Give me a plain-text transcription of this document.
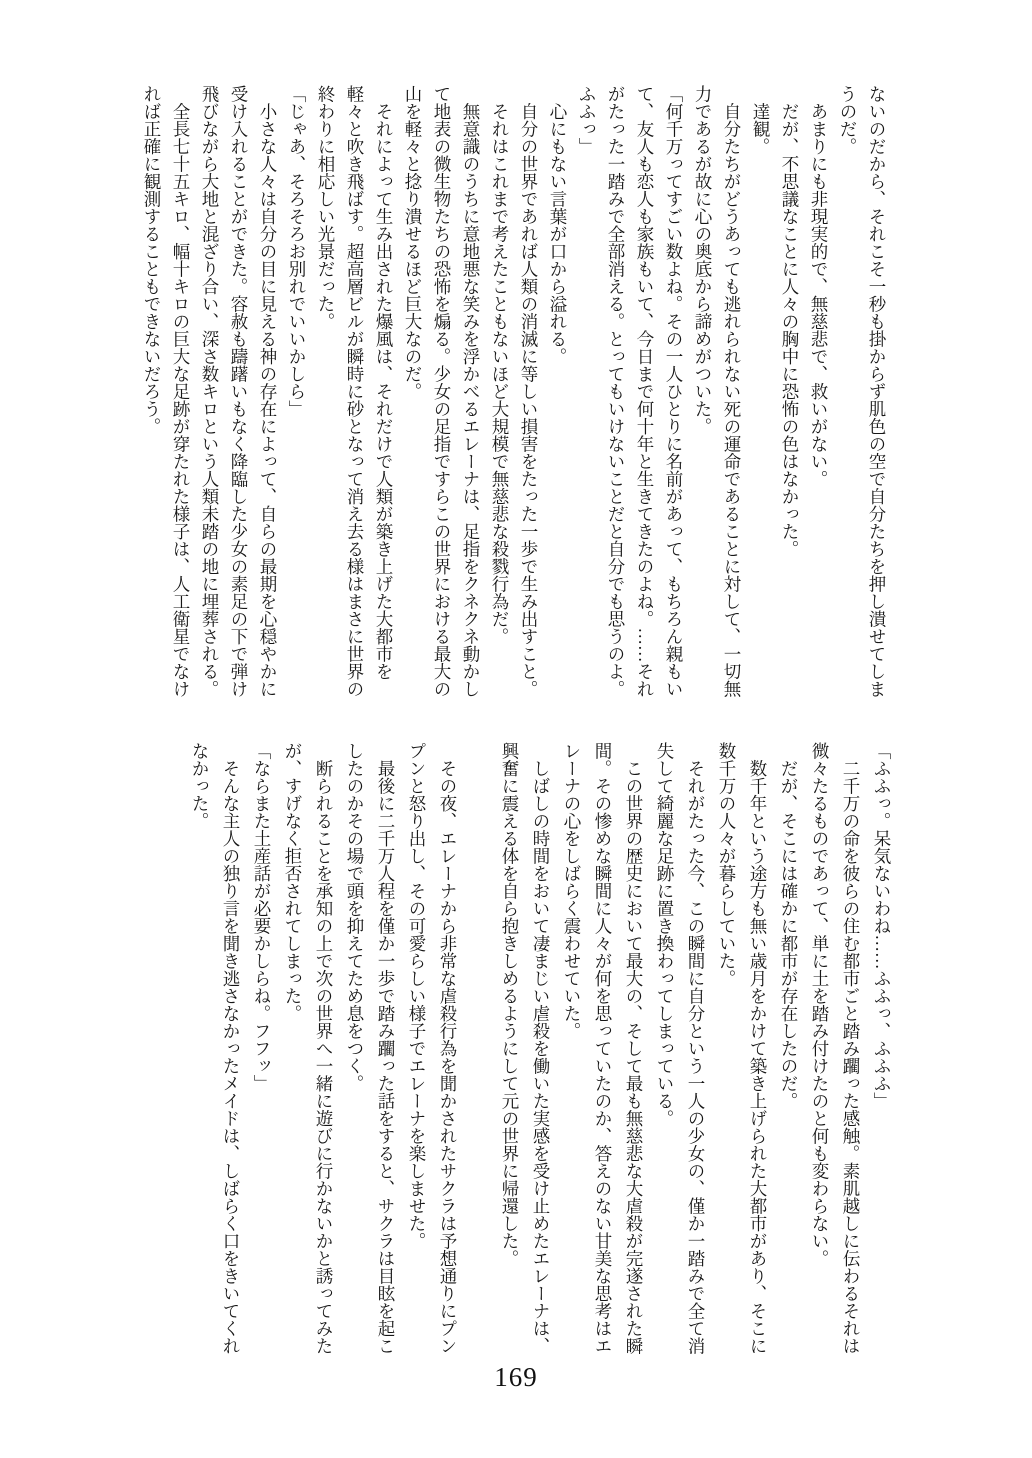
ないのだから、それこそ一秒も掛からず肌色の空で自分たちを押し潰せてしま

うのだ。

　あまりにも非現実的で、無慈悲で、救いがない。

　だが、不思議なことに人々の胸中に恐怖の色はなかった。

　達観。

　自分たちがどうあっても逃れられない死の運命であることに対して、一切無

力であるが故に心の奥底から諦めがついた。

「何千万ってすごい数よね。その一人ひとりに名前があって、もちろん親もい

て、友人も恋人も家族もいて、今日まで何十年と生きてきたのよね。……それ

がたった一踏みで全部消える。とってもいけないことだと自分でも思うのよ。

ふふっ」

　心にもない言葉が口から溢れる。

　自分の世界であれば人類の消滅に等しい損害をたった一歩で生み出すこと。

　それはこれまで考えたこともないほど大規模で無慈悲な殺戮行為だ。

　無意識のうちに意地悪な笑みを浮かべるエレーナは、足指をクネクネ動かし

て地表の微生物たちの恐怖を煽る。少女の足指ですらこの世界における最大の

山を軽々と捻り潰せるほど巨大なのだ。

　それによって生み出された爆風は、それだけで人類が築き上げた大都市を

軽々と吹き飛ばす。超高層ビルが瞬時に砂となって消え去る様はまさに世界の

終わりに相応しい光景だった。

「じゃあ、そろそろお別れでいいかしら」

　小さな人々は自分の目に見える神の存在によって、自らの最期を心穏やかに

受け入れることができた。容赦も躊躇いもなく降臨した少女の素足の下で弾け

飛びながら大地と混ざり合い、深さ数キロという人類未踏の地に埋葬される。

　全長七十五キロ、幅十キロの巨大な足跡が穿たれた様子は、人工衛星でなけ

れば正確に観測することもできないだろう。

「ふふっ。呆気ないわね……ふふっ、ふふふ」

　二千万の命を彼らの住む都市ごと踏み躙った感触。素肌越しに伝わるそれは

微々たるものであって、単に土を踏み付けたのと何も変わらない。

　だが、そこには確かに都市が存在したのだ。

　数千年という途方も無い歳月をかけて築き上げられた大都市があり、そこに

数千万の人々が暮らしていた。

　それがたった今、この瞬間に自分という一人の少女の、僅か一踏みで全て消

失して綺麗な足跡に置き換わってしまっている。

　この世界の歴史において最大の、そして最も無慈悲な大虐殺が完遂された瞬

間。その惨めな瞬間に人々が何を思っていたのか、答えのない甘美な思考はエ

レーナの心をしばらく震わせていた。

　しばしの時間をおいて凄まじい虐殺を働いた実感を受け止めたエレーナは、

興奮に震える体を自ら抱きしめるようにして元の世界に帰還した。

　その夜、エレーナから非常な虐殺行為を聞かされたサクラは予想通りにプン

プンと怒り出し、その可愛らしい様子でエレーナを楽しませた。

　最後に二千万人程を僅か一歩で踏み躙った話をすると、サクラは目眩を起こ

したのかその場で頭を抑えてため息をつく。

　断られることを承知の上で次の世界へ一緒に遊びに行かないかと誘ってみた

が、すげなく拒否されてしまった。

「ならまた土産話が必要かしらね。フフッ」

　そんな主人の独り言を聞き逃さなかったメイドは、しばらく口をきいてくれ

なかった。

169
